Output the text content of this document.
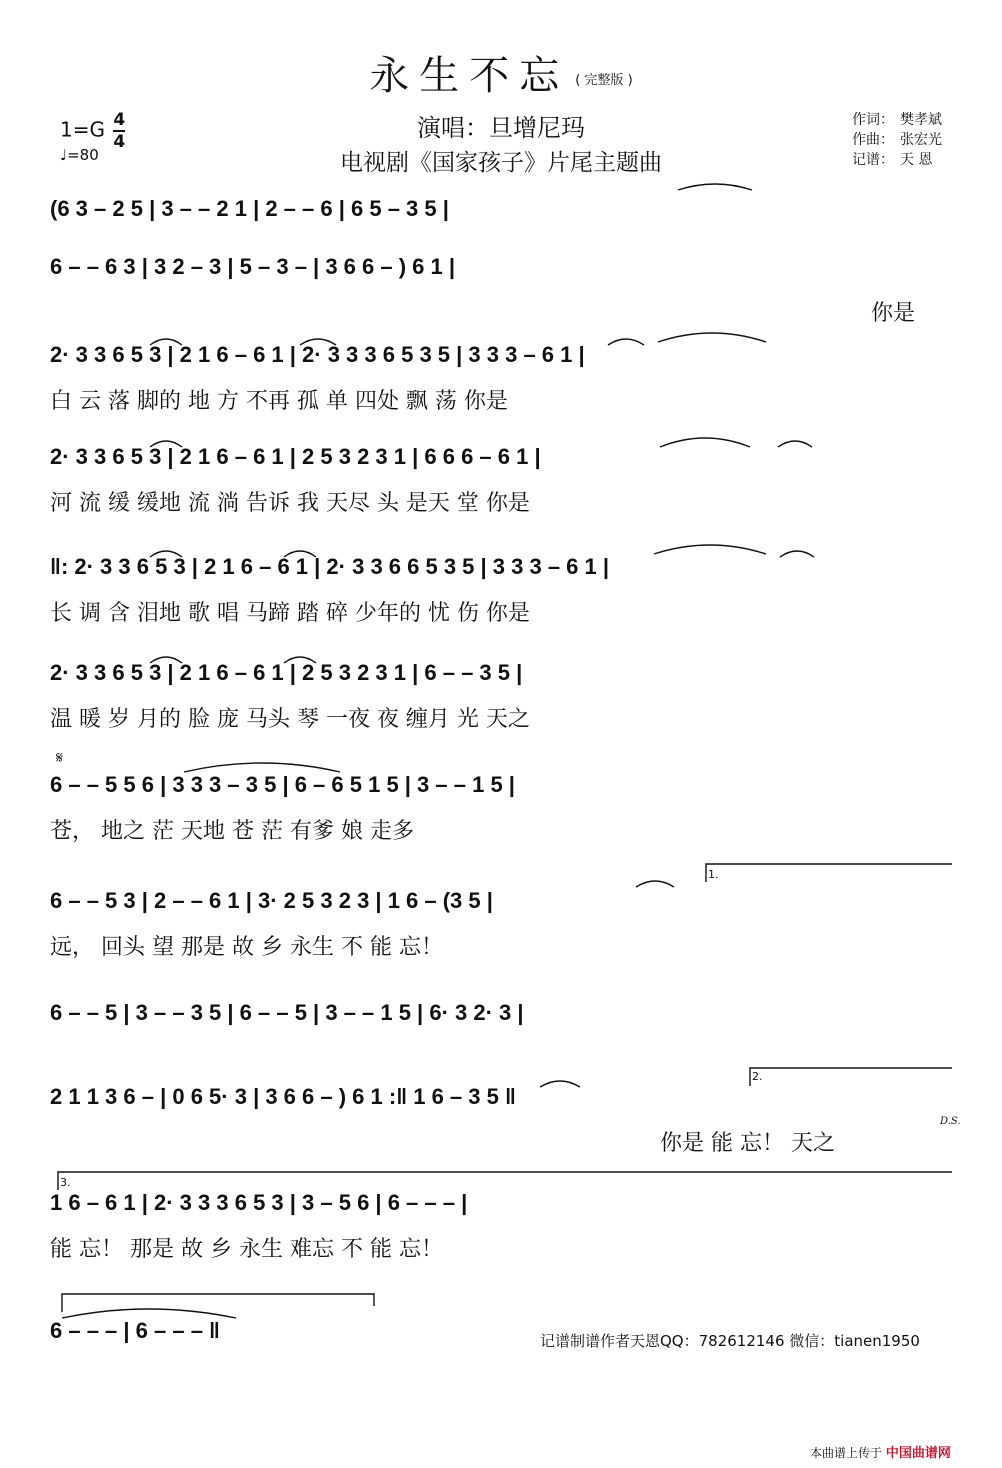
永生不忘 ( 完整版 )
$1=G \frac{4}{4}$
♩=80
演唱：旦增尼玛
电视剧《国家孩子》片尾主题曲
作词： 樊孝斌
作曲： 张宏光
记谱： 天 恩
(6 3 – 2 5 | 3 – – 2 1 | 2 – – 6 | 6 5 – 3 5 |
6 – – 6 3 | 3 2 – 3 | 5 – 3 – | 3 6 6 – ) 6 1 |
你是
2· 3 3 6 5 3 | 2 1 6 – 6 1 | 2· 3 3 3 6 5 3 5 | 3 3 3 – 6 1 |
白 云 落 脚的 地 方 不再 孤 单 四处 飘 荡 你是
2· 3 3 6 5 3 | 2 1 6 – 6 1 | 2 5 3 2 3 1 | 6 6 6 – 6 1 |
河 流 缓 缓地 流 淌 告诉 我 天尽 头 是天 堂 你是
‖: 2· 3 3 6 5 3 | 2 1 6 – 6 1 | 2· 3 3 6 6 5 3 5 | 3 3 3 – 6 1 |
长 调 含 泪地 歌 唱 马蹄 踏 碎 少年的 忧 伤 你是
2· 3 3 6 5 3 | 2 1 6 – 6 1 | 2 5 3 2 3 1 | 6 – – 3 5 |
温 暖 岁 月的 脸 庞 马头 琴 一夜 夜 缠月 光 天之
𝄋
6 – – 5 5 6 | 3 3 3 – 3 5 | 6 – 6 5 1 5 | 3 – – 1 5 |
苍， 地之 茫 天地 苍 茫 有爹 娘 走多
1.
6 – – 5 3 | 2 – – 6 1 | 3· 2 5 3 2 3 | 1 6 – (3 5 |
远， 回头 望 那是 故 乡 永生 不 能 忘！
6 – – 5 | 3 – – 3 5 | 6 – – 5 | 3 – – 1 5 | 6· 3 2· 3 |
2.
2 1 1 3 6 – | 0 6 5· 3 | 3 6 6 – ) 6 1 :‖ 1 6 – 3 5 ‖
你是 能 忘！ 天之
D.S.
3.
1 6 – 6 1 | 2· 3 3 3 6 5 3 | 3 – 5 6 | 6 – – – |
能 忘！ 那是 故 乡 永生 难忘 不 能 忘！
6 – – – | 6 – – – ‖	记谱制谱作者天恩QQ：782612146 微信：tianen1950
本曲谱上传于 中国曲谱网
